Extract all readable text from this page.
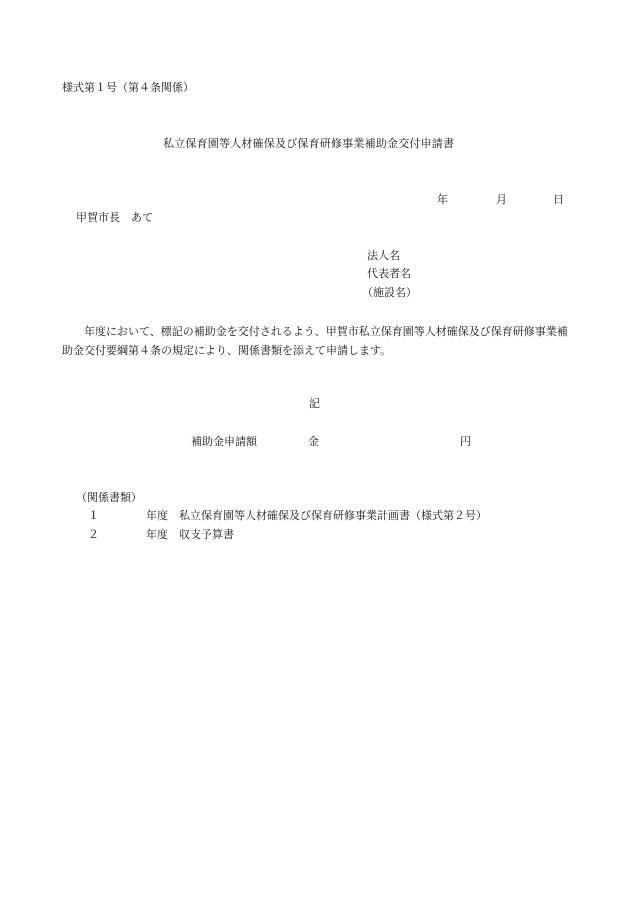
様式第１号（第４条関係）
私立保育園等人材確保及び保育研修事業補助金交付申請書
年	月	日
甲賀市長　あて
法人名
代表者名
（施設名）
年度において、標記の補助金を交付されるよう、甲賀市私立保育園等人材確保及び保育研修事業補助金交付要綱第４条の規定により、関係書類を添えて申請します。
記
補助金申請額	金	円
（関係書類）
１	年度　私立保育園等人材確保及び保育研修事業計画書（様式第２号）
２	年度　収支予算書
